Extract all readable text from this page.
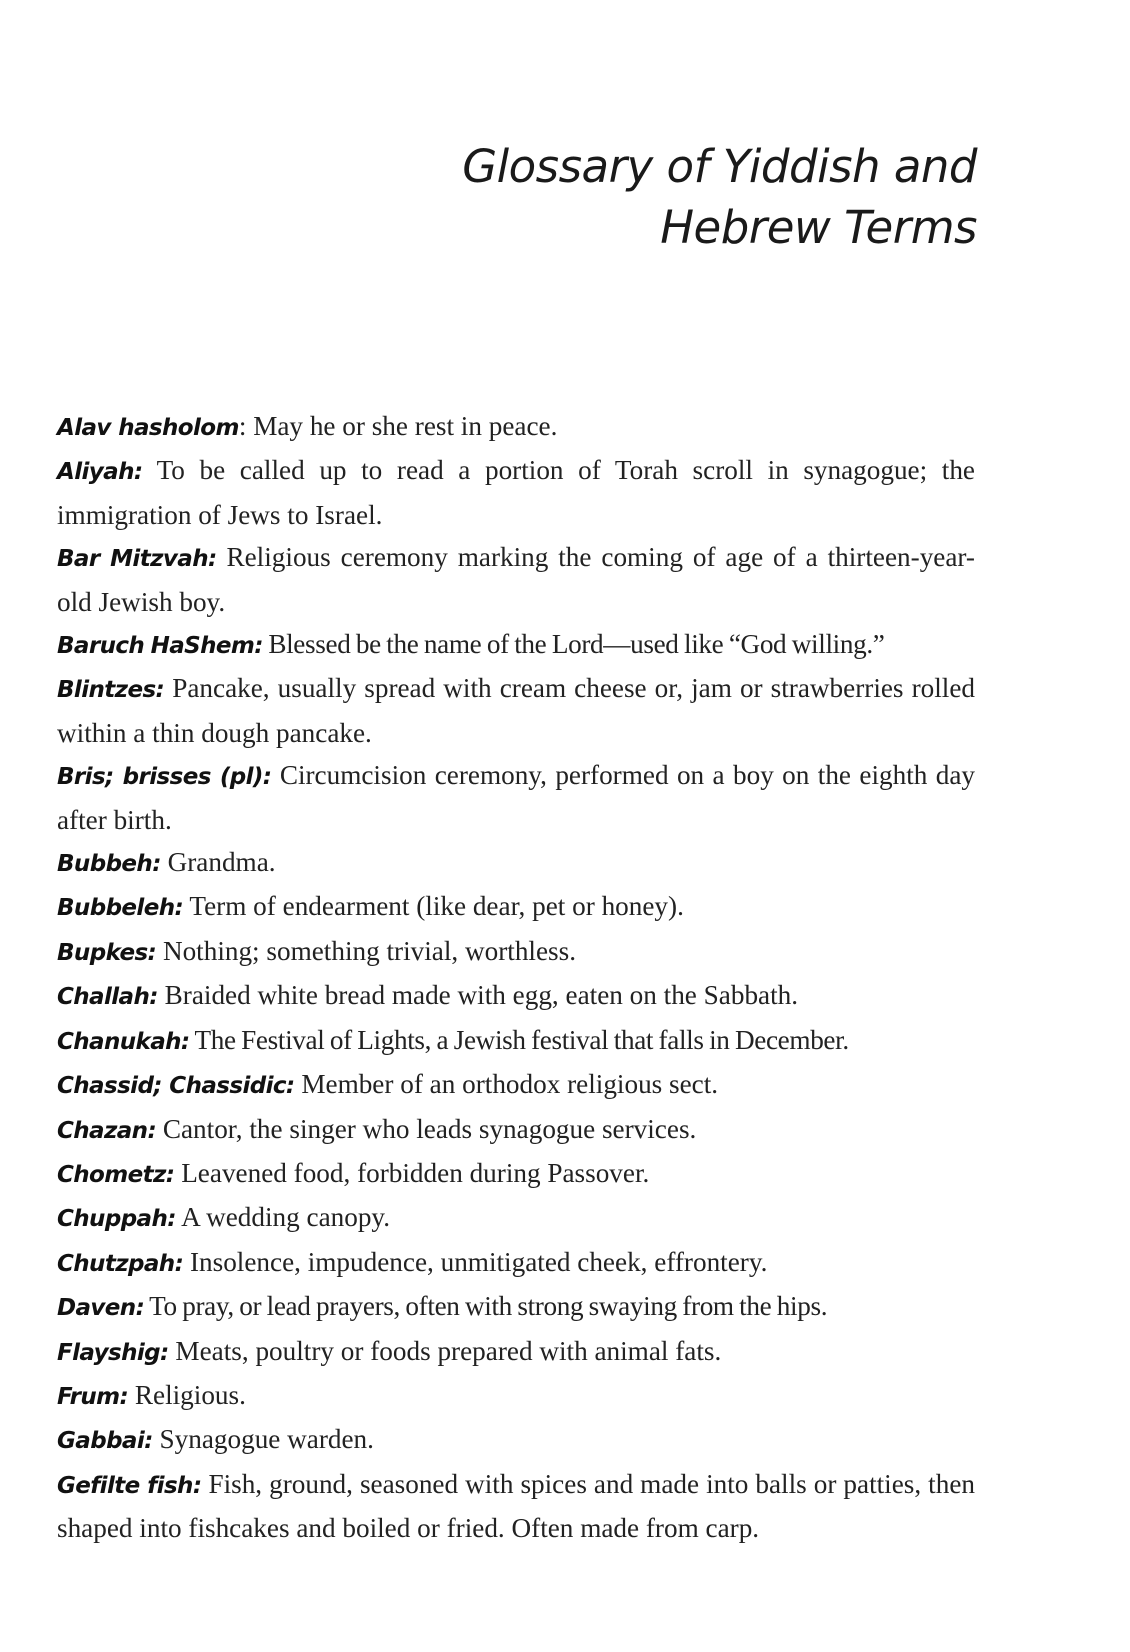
Glossary of Yiddish and
Hebrew Terms
Alav hasholom: May he or she rest in peace.
Aliyah: To be called up to read a portion of Torah scroll in synagogue; the immigration of Jews to Israel.
Bar Mitzvah: Religious ceremony marking the coming of age of a thirteen-year-old Jewish boy.
Baruch HaShem: Blessed be the name of the Lord—used like “God willing.”
Blintzes: Pancake, usually spread with cream cheese or, jam or strawberries rolled within a thin dough pancake.
Bris; brisses (pl): Circumcision ceremony, performed on a boy on the eighth day after birth.
Bubbeh: Grandma.
Bubbeleh: Term of endearment (like dear, pet or honey).
Bupkes: Nothing; something trivial, worthless.
Challah: Braided white bread made with egg, eaten on the Sabbath.
Chanukah: The Festival of Lights, a Jewish festival that falls in December.
Chassid; Chassidic: Member of an orthodox religious sect.
Chazan: Cantor, the singer who leads synagogue services.
Chometz: Leavened food, forbidden during Passover.
Chuppah: A wedding canopy.
Chutzpah: Insolence, impudence, unmitigated cheek, effrontery.
Daven: To pray, or lead prayers, often with strong swaying from the hips.
Flayshig: Meats, poultry or foods prepared with animal fats.
Frum: Religious.
Gabbai: Synagogue warden.
Gefilte fish: Fish, ground, seasoned with spices and made into balls or patties, then shaped into fishcakes and boiled or fried. Often made from carp.
